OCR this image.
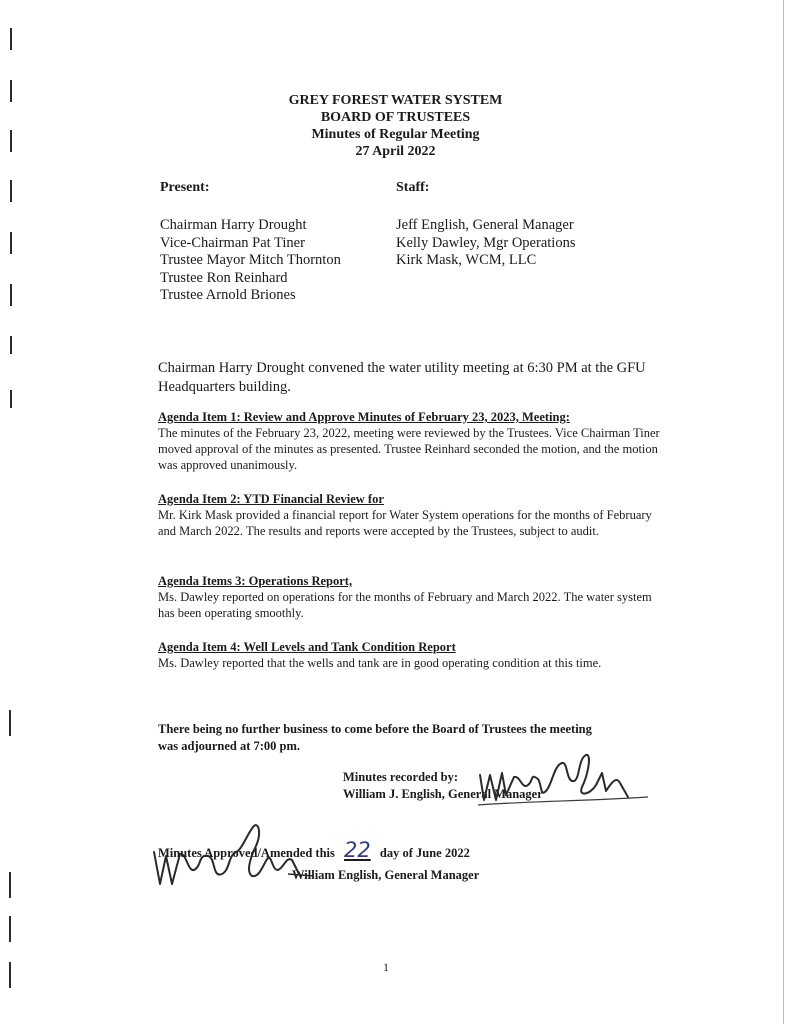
GREY FOREST WATER SYSTEM
BOARD OF TRUSTEES
Minutes of Regular Meeting
27 April 2022
Present:	Staff:
Chairman Harry Drought
Vice-Chairman Pat Tiner
Trustee Mayor Mitch Thornton
Trustee Ron Reinhard
Trustee Arnold Briones
Jeff English, General Manager
Kelly Dawley, Mgr Operations
Kirk Mask, WCM, LLC
Chairman Harry Drought convened the water utility meeting at 6:30 PM at the GFU Headquarters building.
Agenda Item 1: Review and Approve Minutes of February 23, 2023, Meeting:
The minutes of the February 23, 2022, meeting were reviewed by the Trustees. Vice Chairman Tiner moved approval of the minutes as presented. Trustee Reinhard seconded the motion, and the motion was approved unanimously.
Agenda Item 2: YTD Financial Review for
Mr. Kirk Mask provided a financial report for Water System operations for the months of February and March 2022. The results and reports were accepted by the Trustees, subject to audit.
Agenda Items 3: Operations Report,
Ms. Dawley reported on operations for the months of February and March 2022. The water system has been operating smoothly.
Agenda Item 4: Well Levels and Tank Condition Report
Ms. Dawley reported that the wells and tank are in good operating condition at this time.
There being no further business to come before the Board of Trustees the meeting
was adjourned at 7:00 pm.
Minutes recorded by:
William J. English, General Manager
Minutes Approved/Amended this 22 day of June 2022
William English, General Manager
1
